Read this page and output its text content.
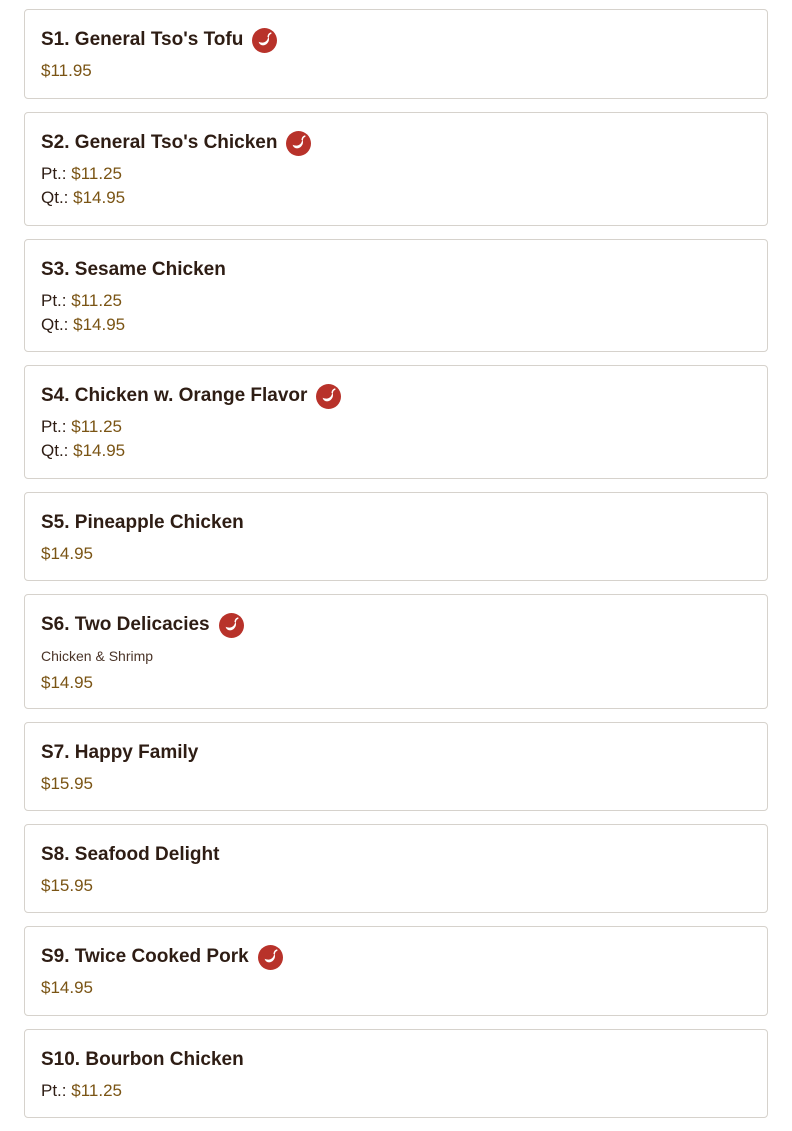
S1. General Tso's Tofu
$11.95
S2. General Tso's Chicken
Pt.: $11.25
Qt.: $14.95
S3. Sesame Chicken
Pt.: $11.25
Qt.: $14.95
S4. Chicken w. Orange Flavor
Pt.: $11.25
Qt.: $14.95
S5. Pineapple Chicken
$14.95
S6. Two Delicacies
Chicken & Shrimp
$14.95
S7. Happy Family
$15.95
S8. Seafood Delight
$15.95
S9. Twice Cooked Pork
$14.95
S10. Bourbon Chicken
Pt.: $11.25
